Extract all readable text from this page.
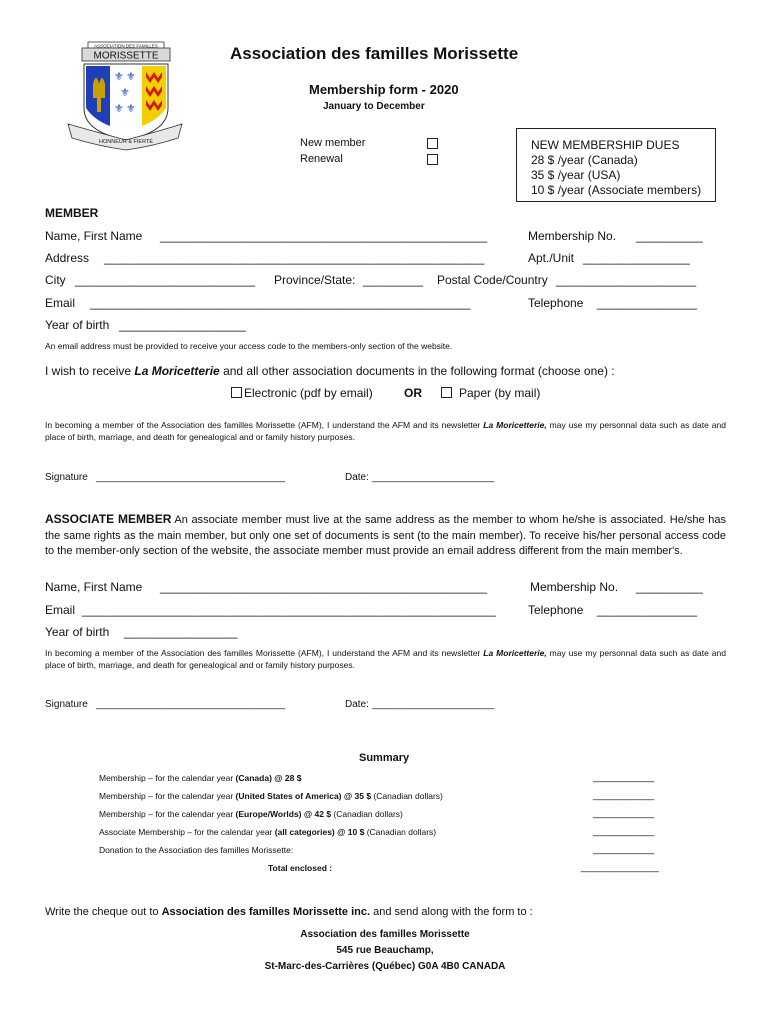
ASSOCIATION DES FAMILLES
MORISSETTE
⚜ ⚜
⚜
⚜ ⚜
HONNEUR & FIERTÉ
Association des familles Morissette
Membership form - 2020
January to December
New member
Renewal
NEW MEMBERSHIP DUES
28 $ /year (Canada)
35 $ /year (USA)
10 $ /year (Associate members)
MEMBER
Name, First Name _________________________________________________	Membership No. __________
Address _________________________________________________________	Apt./Unit ________________
City ___________________________ Province/State: _________ Postal Code/Country _____________________
Email _________________________________________________________	Telephone _______________
Year of birth ___________________
An email address must be provided to receive your access code to the members-only section of the website.
I wish to receive La Moricetterie and all other association documents in the following format (choose one) :
Electronic (pdf by email)	OR	Paper (by mail)
In becoming a member of the Association des familles Morissette (AFM), I understand the AFM and its newsletter La Moricetterie, may use my personnal data such as date and place of birth, marriage, and death for genealogical and or family history purposes.
Signature __________________________________	Date: ______________________
ASSOCIATE MEMBER An associate member must live at the same address as the member to whom he/she is associated. He/she has the same rights as the main member, but only one set of documents is sent (to the main member). To receive his/her personal access code to the member-only section of the website, the associate member must provide an email address different from the main member's.
Name, First Name _________________________________________________	Membership No. __________
Email ______________________________________________________________	Telephone _______________
Year of birth _________________
In becoming a member of the Association des familles Morissette (AFM), I understand the AFM and its newsletter La Moricetterie, may use my personnal data such as date and place of birth, marriage, and death for genealogical and or family history purposes.
Signature __________________________________	Date: ______________________
Summary
Membership – for the calendar year (Canada) @ 28 $	___________
Membership – for the calendar year (United States of America) @ 35 $ (Canadian dollars)	___________
Membership – for the calendar year (Europe/Worlds) @ 42 $ (Canadian dollars)	___________
Associate Membership – for the calendar year (all categories) @ 10 $ (Canadian dollars)	___________
Donation to the Association des familles Morissette:	___________
Total enclosed :	______________
Write the cheque out to Association des familles Morissette inc. and send along with the form to :
Association des familles Morissette
545 rue Beauchamp,
St-Marc-des-Carrières (Québec) G0A 4B0 CANADA
